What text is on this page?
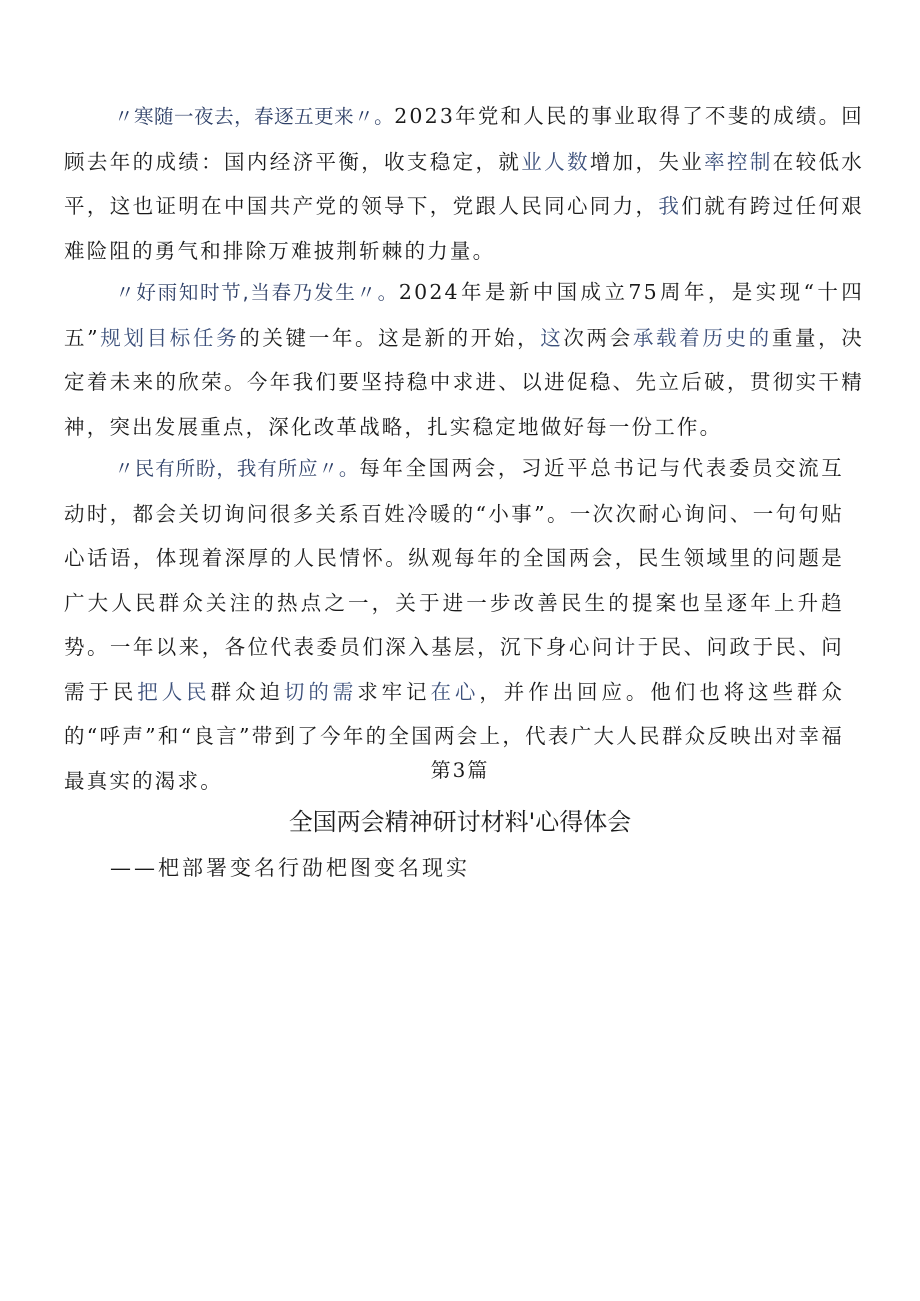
〃寒随一夜去，春逐五更来〃。2023年党和人民的事业取得了不斐的成绩。回顾去年的成绩：国内经济平衡，收支稳定，就业人数增加，失业率控制在较低水平，这也证明在中国共产党的领导下，党跟人民同心同力，我们就有跨过任何艰难险阻的勇气和排除万难披荆斩棘的力量。

〃好雨知时节,当春乃发生〃。2024年是新中国成立75周年，是实现“十四五”规划目标任务的关键一年。这是新的开始，这次两会承载着历史的重量，决定着未来的欣荣。今年我们要坚持稳中求进、以进促稳、先立后破，贯彻实干精神，突出发展重点，深化改革战略，扎实稳定地做好每一份工作。

〃民有所盼，我有所应〃。每年全国两会，习近平总书记与代表委员交流互动时，都会关切询问很多关系百姓冷暖的“小事”。一次次耐心询问、一句句贴心话语，体现着深厚的人民情怀。纵观每年的全国两会，民生领域里的问题是广大人民群众关注的热点之一，关于进一步改善民生的提案也呈逐年上升趋势。一年以来，各位代表委员们深入基层，沉下身心问计于民、问政于民、问需于民把人民群众迫切的需求牢记在心，并作出回应。他们也将这些群众的“呼声”和“良言”带到了今年的全国两会上，代表广大人民群众反映出对幸福最真实的渴求。	第3篇

全国两会精神研讨材料'心得体会

——杷部署变名行劭杷图变名现实
